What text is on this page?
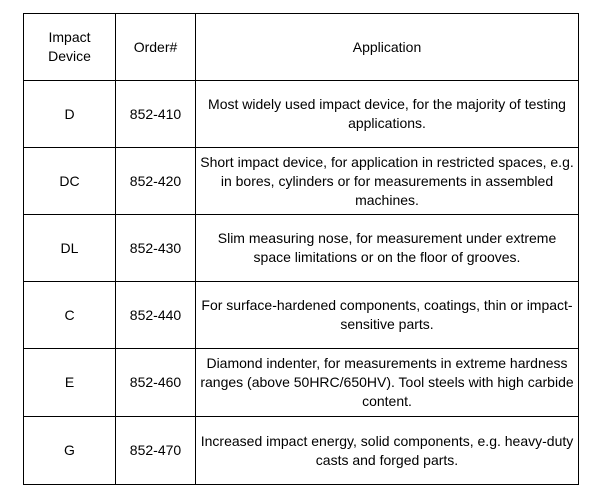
Impact Device	Order#	Application
D	852-410	Most widely used impact device, for the majority of testing applications.
DC	852-420	Short impact device, for application in restricted spaces, e.g. in bores, cylinders or for measurements in assembled machines.
DL	852-430	Slim measuring nose, for measurement under extreme space limitations or on the floor of grooves.
C	852-440	For surface-hardened components, coatings, thin or impact-sensitive parts.
E	852-460	Diamond indenter, for measurements in extreme hardness ranges (above 50HRC/650HV). Tool steels with high carbide content.
G	852-470	Increased impact energy, solid components, e.g. heavy-duty casts and forged parts.
